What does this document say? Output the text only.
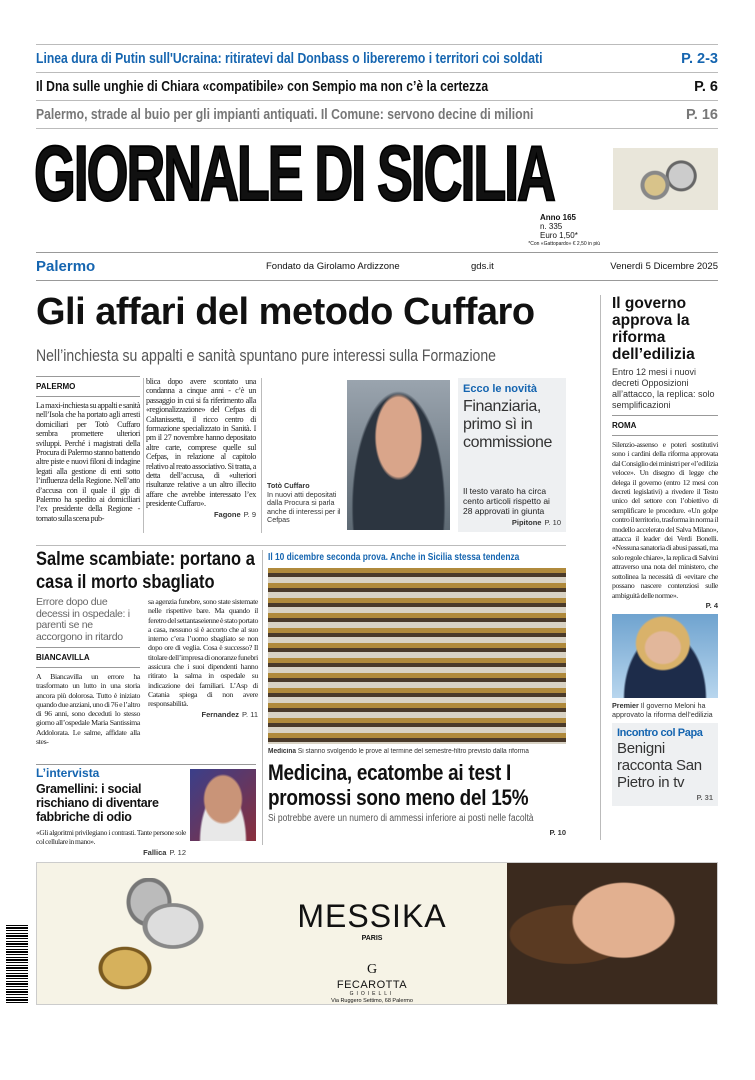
Linea dura di Putin sull'Ucraina: ritiratevi dal Donbass o libereremo i territori coi soldati	P. 2-3
Il Dna sulle unghie di Chiara «compatibile» con Sempio ma non c’è la certezza	P. 6
Palermo, strade al buio per gli impianti antiquati. Il Comune: servono decine di milioni	P. 16
GIORNALE DI SICILIA
Anno 165
n. 335
Euro 1,50*
*Con «Gattopardo» € 2,50 in più
Palermo	Fondato da Girolamo Ardizzone	gds.it	Venerdì 5 Dicembre 2025
Gli affari del metodo Cuffaro
Nell’inchiesta su appalti e sanità spuntano pure interessi sulla Formazione
PALERMO
La maxi-inchiesta su appalti e sanità nell’Isola che ha portato agli arresti domiciliari per Totò Cuffaro sembra promettere ulteriori sviluppi. Perché i magistrati della Procura di Palermo stanno battendo altre piste e nuovi filoni di indagine legati alla gestione di enti sotto l’influenza della Regione. Nell’atto d’accusa con il quale il gip di Palermo ha spedito ai domiciliari l’ex presidente della Regione - tornato sulla scena pub-
blica dopo avere scontato una condanna a cinque anni - c’è un passaggio in cui si fa riferimento alla «regionalizzazione» del Cefpas di Caltanissetta, il ricco centro di formazione specializzato in Sanità. I pm il 27 novembre hanno depositato altre carte, comprese quelle sul Cefpas, in relazione al capitolo relativo al reato associativo. Si tratta, a detta dell’accusa, di «ulteriori risultanze relative a un altro illecito affare che avrebbe interessato l’ex presidente Cuffaro».
Fagone P. 9
Totò Cuffaro
In nuovi atti depositati dalla Procura si parla anche di interessi per il Cefpas
Ecco le novità
Finanziaria, primo sì in commissione
Il testo varato ha circa cento articoli rispetto ai 28 approvati in giunta
Pipitone P. 10
Il governo approva la riforma dell’edilizia
Entro 12 mesi i nuovi decreti Opposizioni all’attacco, la replica: solo semplificazioni
ROMA
Silenzio-assenso e poteri sostitutivi sono i cardini della riforma approvata dal Consiglio dei ministri per «l’edilizia veloce». Un disegno di legge che delega il governo (entro 12 mesi con decreti legislativi) a rivedere il Testo unico del settore con l’obiettivo di semplificare le procedure. «Un golpe contro il territorio, trasforma in norma il modello accelerato del Salva Milano», attacca il leader dei Verdi Bonelli. «Nessuna sanatoria di abusi passati, ma solo regole chiare», la replica di Salvini attraverso una nota del ministero, che sottolinea la necessità di «evitare che possano nascere contenziosi sulle ambiguità delle norme».
P. 4
Premier Il governo Meloni ha approvato la riforma dell’edilizia
Incontro col Papa
Benigni racconta San Pietro in tv
P. 31
Salme scambiate: portano a casa il morto sbagliato
Errore dopo due decessi in ospedale: i parenti se ne accorgono in ritardo
BIANCAVILLA
A Biancavilla un errore ha trasformato un lutto in una storia ancora più dolorosa. Tutto è iniziato quando due anziani, uno di 76 e l’altro di 96 anni, sono deceduti lo stesso giorno all’ospedale Maria Santissima Addolorata. Le salme, affidate alla stes-
sa agenzia funebre, sono state sistemate nelle rispettive bare. Ma quando il feretro del settantaseienne è stato portato a casa, nessuno si è accorto che al suo interno c’era l’uomo sbagliato se non dopo ore di veglia. Cosa è successo? Il titolare dell’impresa di onoranze funebri assicura che i suoi dipendenti hanno ritirato la salma in ospedale su indicazione dei familiari. L’Asp di Catania spiega di non avere responsabilità.
Fernandez P. 11
L’intervista
Gramellini: i social rischiano di diventare fabbriche di odio
«Gli algoritmi privilegiano i contrasti. Tante persone sole col cellulare in mano».
Fallica P. 12
Il 10 dicembre seconda prova. Anche in Sicilia stessa tendenza
Medicina Si stanno svolgendo le prove al termine del semestre-filtro previsto dalla riforma
Medicina, ecatombe ai test I promossi sono meno del 15%
Si potrebbe avere un numero di ammessi inferiore ai posti nelle facoltà
P. 10
MESSIKA
PARIS
G
FECAROTTA
GIOIELLI
Via Ruggero Settimo, 68 Palermo
